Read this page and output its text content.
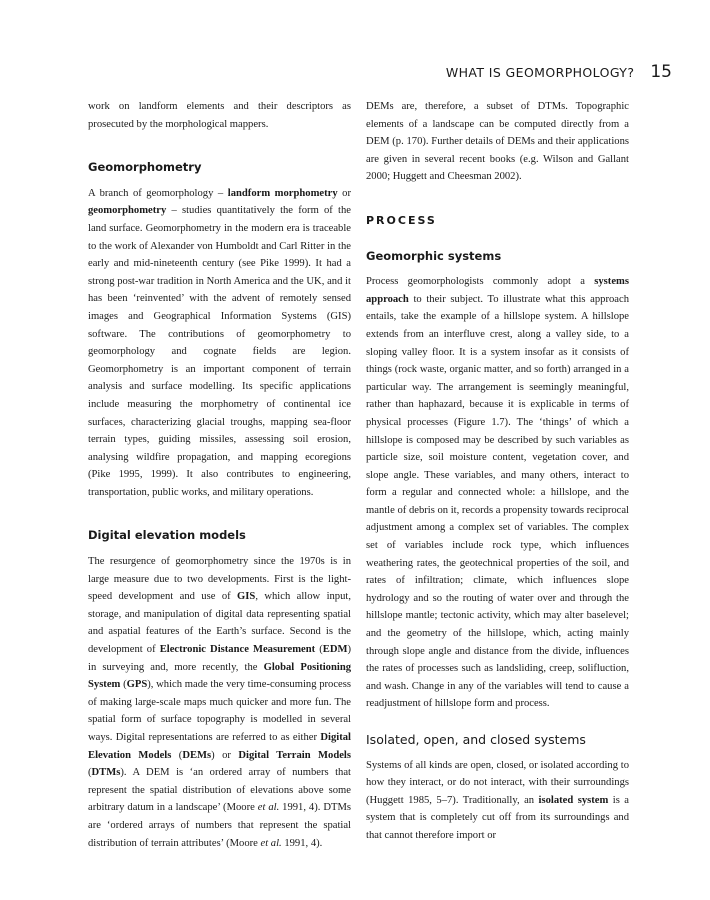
WHAT IS GEOMORPHOLOGY? 15

work on landform elements and their descriptors as prosecuted by the morphological mappers.

Geomorphometry

A branch of geomorphology – landform morphometry or geomorphometry – studies quantitatively the form of the land surface. Geomorphometry in the modern era is traceable to the work of Alexander von Humboldt and Carl Ritter in the early and mid-nineteenth century (see Pike 1999). It had a strong post-war tradition in North America and the UK, and it has been ‘reinvented’ with the advent of remotely sensed images and Geographical Information Systems (GIS) software. The contributions of geomorphometry to geomorphology and cognate fields are legion. Geomorphometry is an important component of terrain analysis and surface modelling. Its specific applications include measuring the morphometry of continental ice surfaces, characterizing glacial troughs, mapping sea-floor terrain types, guiding missiles, assessing soil erosion, analysing wildfire propagation, and mapping ecoregions (Pike 1995, 1999). It also contributes to engineering, transportation, public works, and military operations.

Digital elevation models

The resurgence of geomorphometry since the 1970s is in large measure due to two developments. First is the light-speed development and use of GIS, which allow input, storage, and manipulation of digital data representing spatial and aspatial features of the Earth’s surface. Second is the development of Electronic Distance Measurement (EDM) in surveying and, more recently, the Global Positioning System (GPS), which made the very time-consuming process of making large-scale maps much quicker and more fun. The spatial form of surface topography is modelled in several ways. Digital representations are referred to as either Digital Elevation Models (DEMs) or Digital Terrain Models (DTMs). A DEM is ‘an ordered array of numbers that represent the spatial distribution of elevations above some arbitrary datum in a landscape’ (Moore et al. 1991, 4). DTMs are ‘ordered arrays of numbers that represent the spatial distribution of terrain attributes’ (Moore et al. 1991, 4).

DEMs are, therefore, a subset of DTMs. Topographic elements of a landscape can be computed directly from a DEM (p. 170). Further details of DEMs and their applications are given in several recent books (e.g. Wilson and Gallant 2000; Huggett and Cheesman 2002).

PROCESS
Geomorphic systems

Process geomorphologists commonly adopt a systems approach to their subject. To illustrate what this approach entails, take the example of a hillslope system. A hillslope extends from an interfluve crest, along a valley side, to a sloping valley floor. It is a system insofar as it consists of things (rock waste, organic matter, and so forth) arranged in a particular way. The arrangement is seemingly meaningful, rather than haphazard, because it is explicable in terms of physical processes (Figure 1.7). The ‘things’ of which a hillslope is composed may be described by such variables as particle size, soil moisture content, vegetation cover, and slope angle. These variables, and many others, interact to form a regular and connected whole: a hillslope, and the mantle of debris on it, records a propensity towards reciprocal adjustment among a complex set of variables. The complex set of variables include rock type, which influences weathering rates, the geotechnical properties of the soil, and rates of infiltration; climate, which influences slope hydrology and so the routing of water over and through the hillslope mantle; tectonic activity, which may alter baselevel; and the geometry of the hillslope, which, acting mainly through slope angle and distance from the divide, influences the rates of processes such as landsliding, creep, solifluction, and wash. Change in any of the variables will tend to cause a readjustment of hillslope form and process.

Isolated, open, and closed systems

Systems of all kinds are open, closed, or isolated according to how they interact, or do not interact, with their surroundings (Huggett 1985, 5–7). Traditionally, an isolated system is a system that is completely cut off from its surroundings and that cannot therefore import or
